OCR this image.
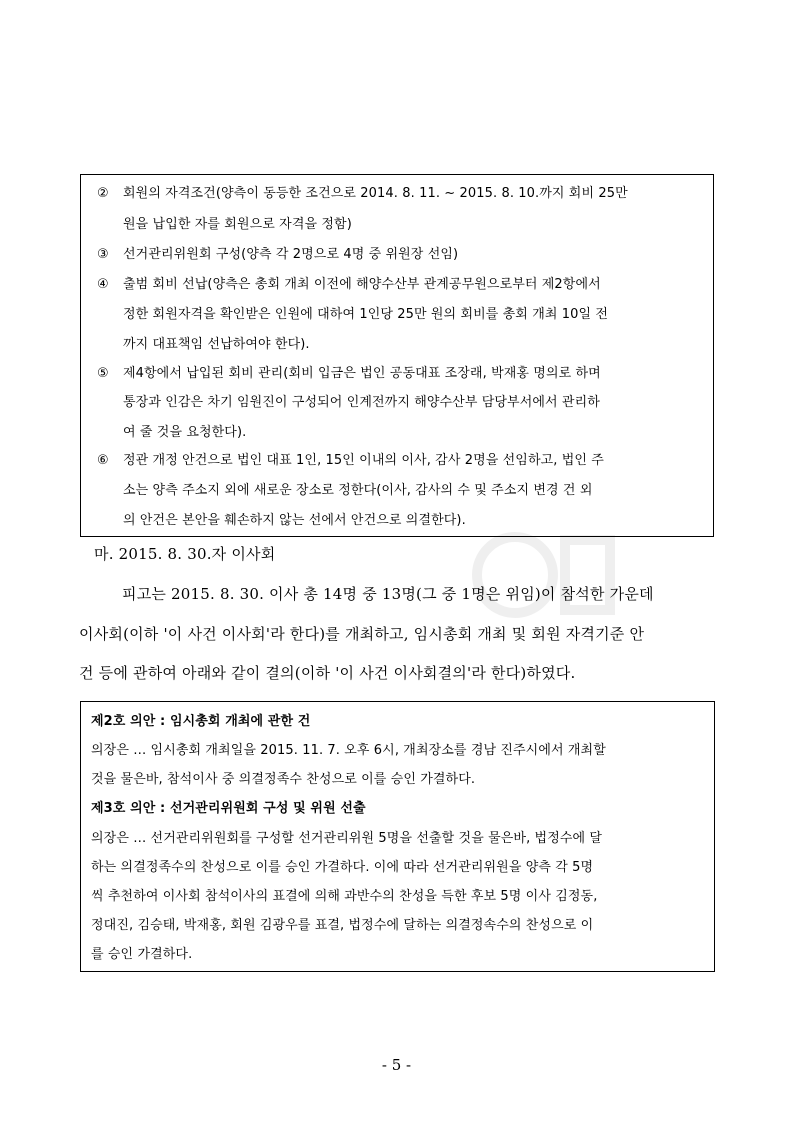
② 회원의 자격조건(양측이 동등한 조건으로 2014. 8. 11. ~ 2015. 8. 10.까지 회비 25만
원을 납입한 자를 회원으로 자격을 정함)
③ 선거관리위원회 구성(양측 각 2명으로 4명 중 위원장 선임)
④ 출범 회비 선납(양측은 총회 개최 이전에 해양수산부 관계공무원으로부터 제2항에서
정한 회원자격을 확인받은 인원에 대하여 1인당 25만 원의 회비를 총회 개최 10일 전
까지 대표책임 선납하여야 한다).
⑤ 제4항에서 납입된 회비 관리(회비 입금은 법인 공동대표 조장래, 박재홍 명의로 하며
통장과 인감은 차기 임원진이 구성되어 인계전까지 해양수산부 담당부서에서 관리하
여 줄 것을 요청한다).
⑥ 정관 개정 안건으로 법인 대표 1인, 15인 이내의 이사, 감사 2명을 선임하고, 법인 주
소는 양측 주소지 외에 새로운 장소로 정한다(이사, 감사의 수 및 주소지 변경 건 외
의 안건은 본안을 훼손하지 않는 선에서 안건으로 의결한다).
마. 2015. 8. 30.자 이사회
피고는 2015. 8. 30. 이사 총 14명 중 13명(그 중 1명은 위임)이 참석한 가운데
이사회(이하 '이 사건 이사회'라 한다)를 개최하고, 임시총회 개최 및 회원 자격기준 안
건 등에 관하여 아래와 같이 결의(이하 '이 사건 이사회결의'라 한다)하였다.
제2호 의안 : 임시총회 개최에 관한 건
의장은 … 임시총회 개최일을 2015. 11. 7. 오후 6시, 개최장소를 경남 진주시에서 개최할
것을 물은바, 참석이사 중 의결정족수 찬성으로 이를 승인 가결하다.
제3호 의안 : 선거관리위원회 구성 및 위원 선출
의장은 … 선거관리위원회를 구성할 선거관리위원 5명을 선출할 것을 물은바, 법정수에 달
하는 의결정족수의 찬성으로 이를 승인 가결하다. 이에 따라 선거관리위원을 양측 각 5명
씩 추천하여 이사회 참석이사의 표결에 의해 과반수의 찬성을 득한 후보 5명 이사 김정동,
정대진, 김승태, 박재홍, 회원 김광우를 표결, 법정수에 달하는 의결정속수의 찬성으로 이
를 승인 가결하다.
- 5 -
